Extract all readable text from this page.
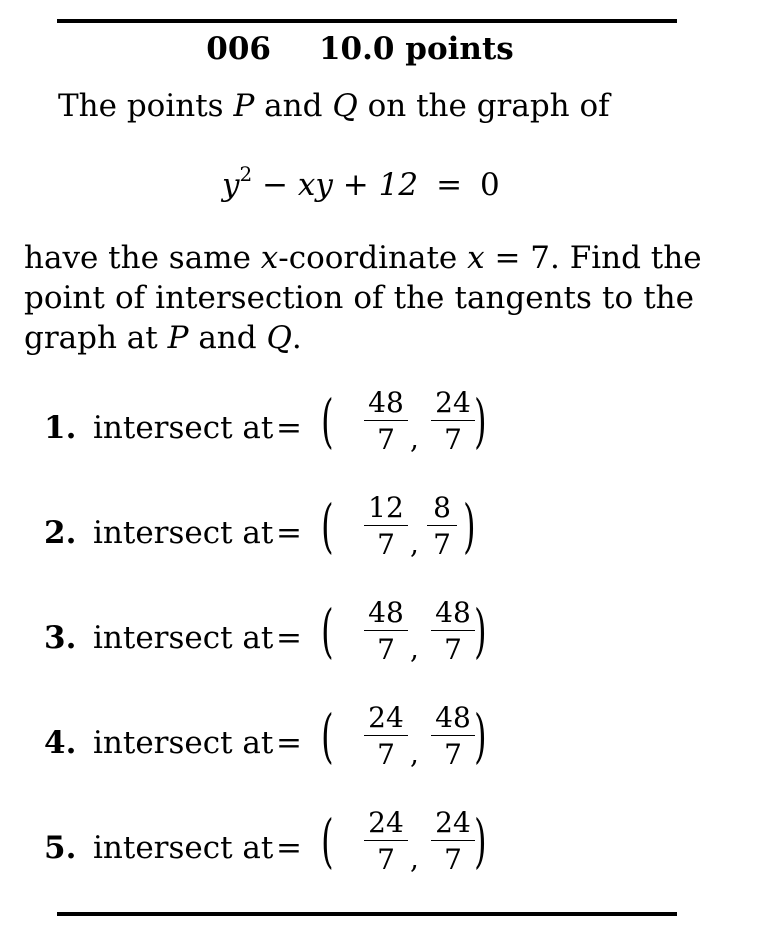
006 10.0 points
The points P and Q on the graph of
$y^2$ − xy + 12 = 0
have the same x-coordinate x = 7. Find the
point of intersection of the tangents to the
graph at P and Q.
1. intersect at = ( $\frac{48}{7}$ , $\frac{24}{7}$ )
2. intersect at = ( $\frac{12}{7}$ , $\frac{8}{7}$ )
3. intersect at = ( $\frac{48}{7}$ , $\frac{48}{7}$ )
4. intersect at = ( $\frac{24}{7}$ , $\frac{48}{7}$ )
5. intersect at = ( $\frac{24}{7}$ , $\frac{24}{7}$ )
